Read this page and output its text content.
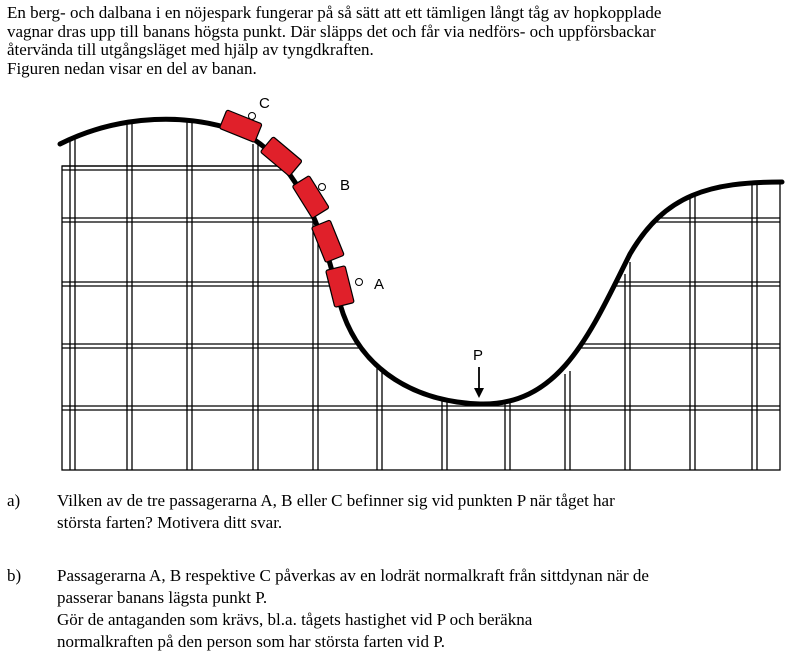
En berg- och dalbana i en nöjespark fungerar på så sätt att ett tämligen långt tåg av hopkopplade

vagnar dras upp till banans högsta punkt. Där släpps det och får via nedförs- och uppförsbackar

återvända till utgångsläget med hjälp av tyngdkraften.

Figuren nedan visar en del av banan.

C
B
A
P
a) Vilken av de tre passagerarna A, B eller C befinner sig vid punkten P när tåget har

största farten? Motivera ditt svar.

b) Passagerarna A, B respektive C påverkas av en lodrät normalkraft från sittdynan när de

passerar banans lägsta punkt P.

Gör de antaganden som krävs, bl.a. tågets hastighet vid P och beräkna

normalkraften på den person som har största farten vid P.
